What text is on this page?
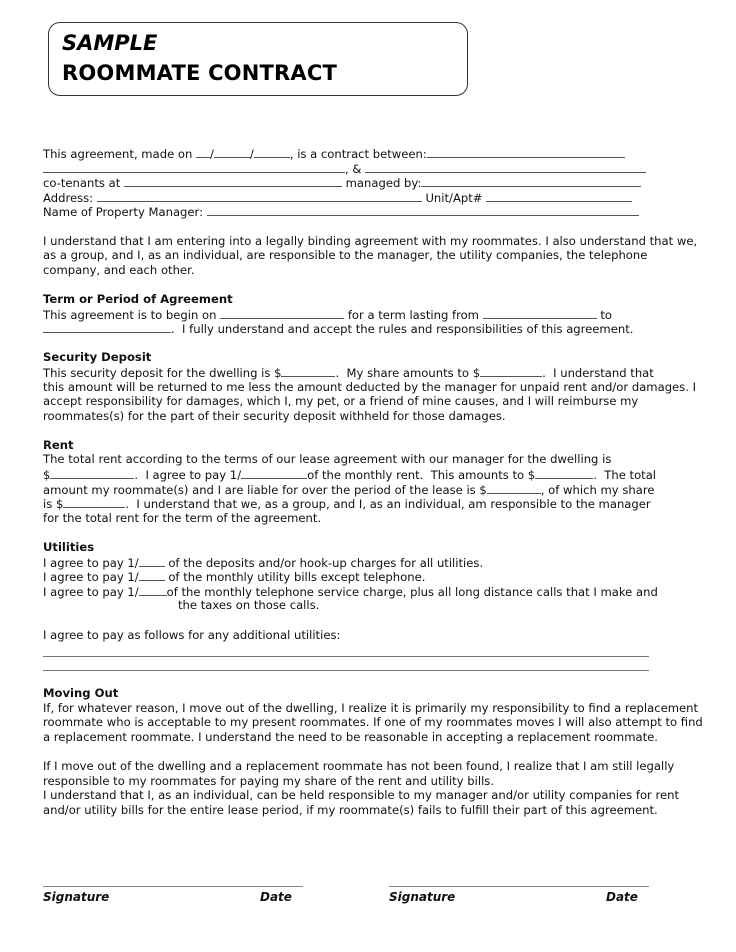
SAMPLE
ROOMMATE CONTRACT
This agreement, made on /	/	, is a contract between:
, &
co-tenants at	managed by:
Address:	Unit/Apt#
Name of Property Manager:
I understand that I am entering into a legally binding agreement with my roommates. I also understand that we, as a group, and I, as an individual, are responsible to the manager, the utility companies, the telephone company, and each other.
Term or Period of Agreement
This agreement is to begin on	for a term lasting from	to
.  I fully understand and accept the rules and responsibilities of this agreement.
Security Deposit
This security deposit for the dwelling is $	.  My share amounts to $	.  I understand that
this amount will be returned to me less the amount deducted by the manager for unpaid rent and/or damages. I accept responsibility for damages, which I, my pet, or a friend of mine causes, and I will reimburse my roommates(s) for the part of their security deposit withheld for those damages.
Rent
The total rent according to the terms of our lease agreement with our manager for the dwelling is
$	.  I agree to pay 1/	of the monthly rent.  This amounts to $	.  The total
amount my roommate(s) and I are liable for over the period of the lease is $	, of which my share
is $	.  I understand that we, as a group, and I, as an individual, am responsible to the manager
for the total rent for the term of the agreement.
Utilities
I agree to pay 1/ of the deposits and/or hook-up charges for all utilities.
I agree to pay 1/ of the monthly utility bills except telephone.
I agree to pay 1/ of the monthly telephone service charge, plus all long distance calls that I make and
the taxes on those calls.
I agree to pay as follows for any additional utilities:
Moving Out
If, for whatever reason, I move out of the dwelling, I realize it is primarily my responsibility to find a replacement roommate who is acceptable to my present roommates. If one of my roommates moves I will also attempt to find a replacement roommate. I understand the need to be reasonable in accepting a replacement roommate.
If I move out of the dwelling and a replacement roommate has not been found, I realize that I am still legally responsible to my roommates for paying my share of the rent and utility bills.
I understand that I, as an individual, can be held responsible to my manager and/or utility companies for rent and/or utility bills for the entire lease period, if my roommate(s) fails to fulfill their part of this agreement.
Signature	Date	Signature	Date
